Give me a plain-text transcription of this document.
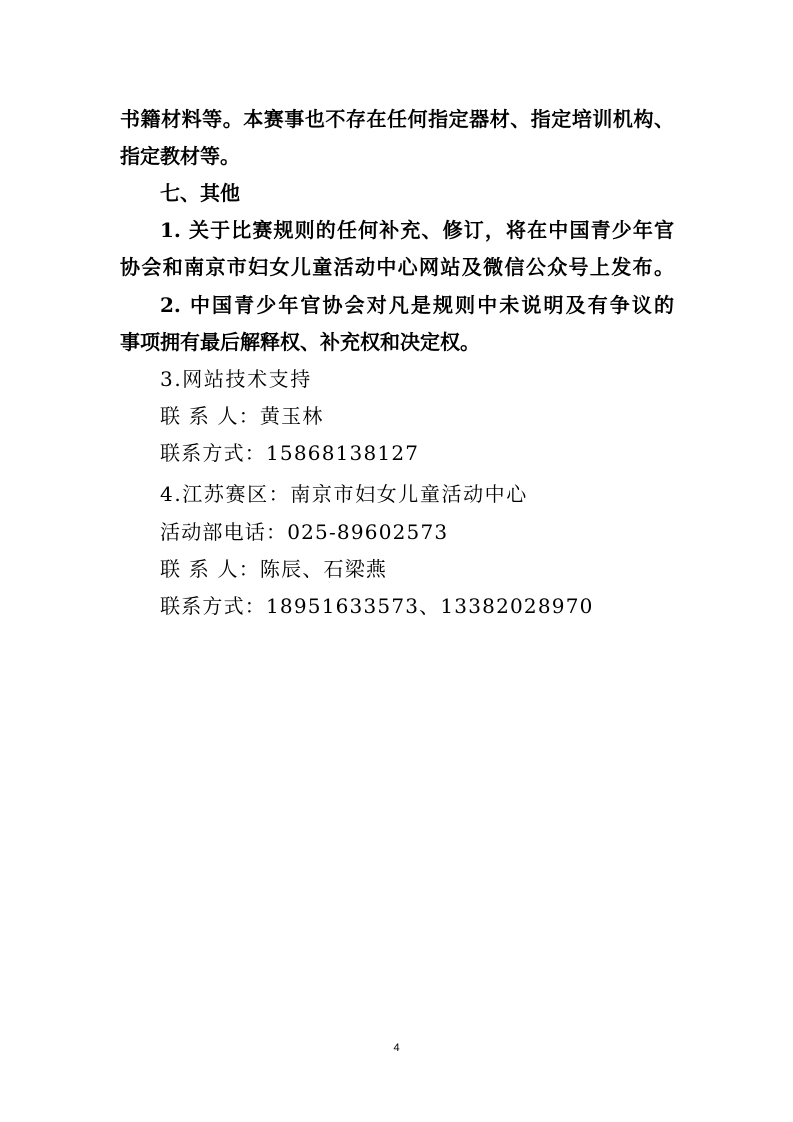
书籍材料等。本赛事也不存在任何指定器材、指定培训机构、
指定教材等。
七、其他
1. 关于比赛规则的任何补充、修订，将在中国青少年官
协会和南京市妇女儿童活动中心网站及微信公众号上发布。
2. 中国青少年官协会对凡是规则中未说明及有争议的
事项拥有最后解释权、补充权和决定权。
3.网站技术支持
联 系 人：黄玉林
联系方式：15868138127
4.江苏赛区：南京市妇女儿童活动中心
活动部电话：025-89602573
联 系 人：陈辰、石梁燕
联系方式：18951633573、13382028970
4
